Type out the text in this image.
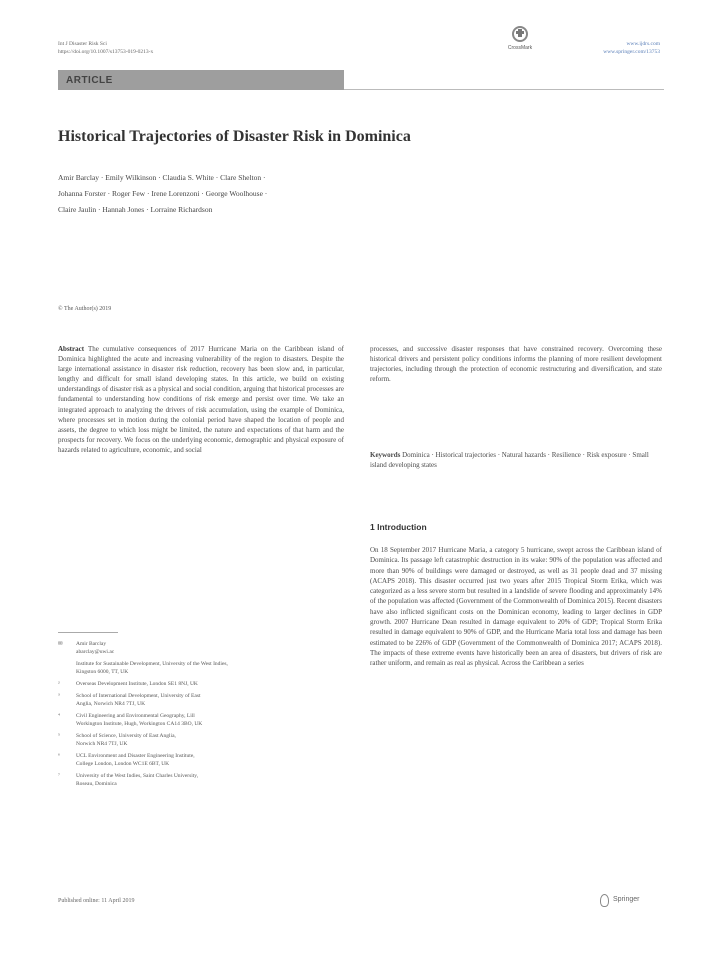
Int J Disaster Risk Sci
https://doi.org/10.1007/s13753-019-0213-x
CrossMark
www.ijdrs.com
www.springer.com/13753
ARTICLE
Historical Trajectories of Disaster Risk in Dominica
Amir Barclay · Emily Wilkinson · Claudia S. White · Clare Shelton ·
Johanna Forster · Roger Few · Irene Lorenzoni · George Woolhouse ·
Claire Jaulin · Hannah Jones · Lorraine Richardson
© The Author(s) 2019
Abstract The cumulative consequences of 2017 Hurricane Maria on the Caribbean island of Dominica highlighted the acute and increasing vulnerability of the region to disasters. Despite the large international assistance in disaster risk reduction, recovery has been slow and, in particular, lengthy and difficult for small island developing states. In this article, we build on existing understandings of disaster risk as a physical and social condition, arguing that historical processes are fundamental to understanding how conditions of risk emerge and persist over time. We take an integrated approach to analyzing the drivers of risk accumulation, using the example of Dominica, where processes set in motion during the colonial period have shaped the location of people and assets, the degree to which loss might be limited, the nature and expectations of that harm and the prospects for recovery. We focus on the underlying economic, demographic and physical exposure of hazards related to agriculture, economic, and social
processes, and successive disaster responses that have constrained recovery. Overcoming these historical drivers and persistent policy conditions informs the planning of more resilient development trajectories, including through the protection of economic restructuring and diversification, and state reform.
Keywords Dominica · Historical trajectories · Natural hazards · Resilience · Risk exposure · Small island developing states
1 Introduction
On 18 September 2017 Hurricane Maria, a category 5 hurricane, swept across the Caribbean island of Dominica. Its passage left catastrophic destruction in its wake: 90% of the population was affected and more than 90% of buildings were damaged or destroyed, as well as 31 people dead and 37 missing (ACAPS 2018). This disaster occurred just two years after 2015 Tropical Storm Erika, which was categorized as a less severe storm but resulted in a landslide of severe flooding and approximately 14% of the population was affected (Government of the Commonwealth of Dominica 2015). Recent disasters have also inflicted significant costs on the Dominican economy, leading to larger declines in GDP growth. 2007 Hurricane Dean resulted in damage equivalent to 20% of GDP; Tropical Storm Erika resulted in damage equivalent to 90% of GDP, and the Hurricane Maria total loss and damage has been estimated to be 226% of GDP (Government of the Commonwealth of Dominica 2017; ACAPS 2018). The impacts of these extreme events have historically been an area of disasters, but drivers of risk are rather uniform, and remain as real as physical. Across the Caribbean a series
✉	Amir Barclay
abarclay@uwi.ac
Institute for Sustainable Development, University of the West Indies,
Kingston 6000, TT, UK
²	Overseas Development Institute, London SE1 8NJ, UK
³	School of International Development, University of East
Anglia, Norwich NR4 7TJ, UK
⁴	Civil Engineering and Environmental Geography, Lill
Workington Institute, Hugh, Workington CA14 3BO, UK
⁵	School of Science, University of East Anglia,
Norwich NR4 7TJ, UK
⁶	UCL Environment and Disaster Engineering Institute,
College London, London WC1E 6BT, UK
⁷	University of the West Indies, Saint Charles University,
Roseau, Dominica
Published online: 11 April 2019	Springer
